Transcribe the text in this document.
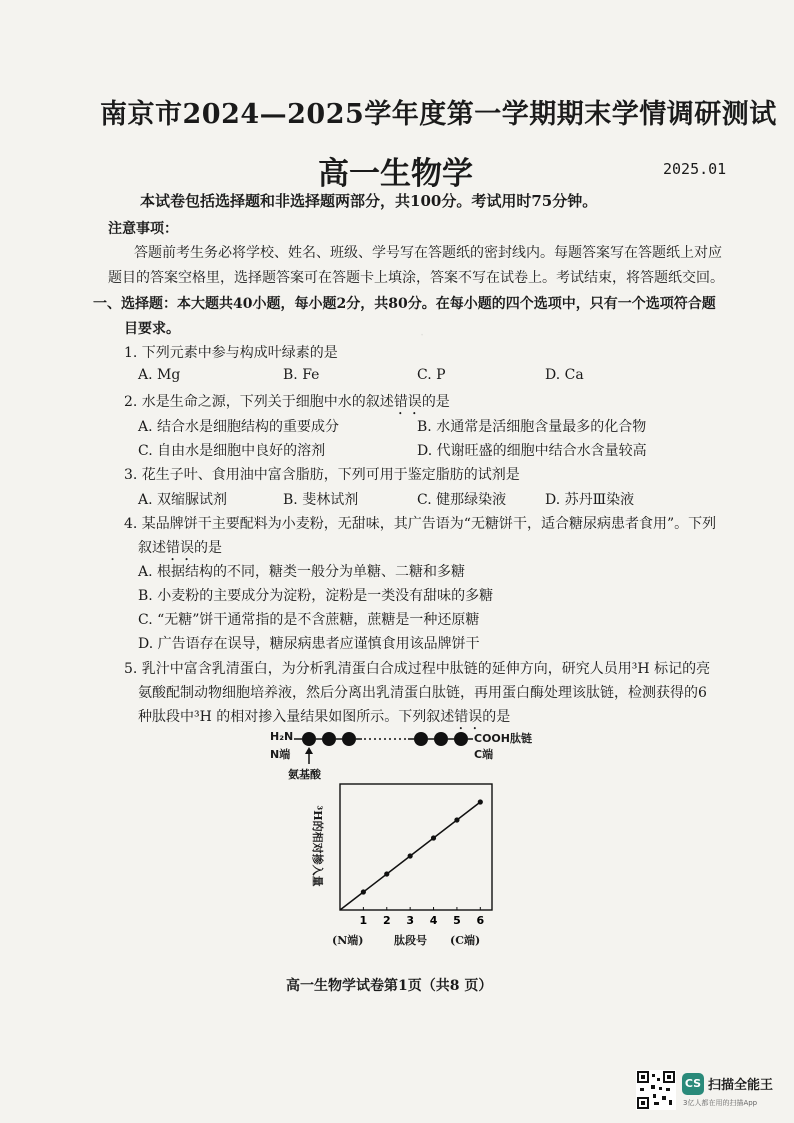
南京市2024—2025学年度第一学期期末学情调研测试
高一生物学	2025.01
本试卷包括选择题和非选择题两部分，共100分。考试用时75分钟。
注意事项：
答题前考生务必将学校、姓名、班级、学号写在答题纸的密封线内。每题答案写在答题纸上对应
题目的答案空格里，选择题答案可在答题卡上填涂，答案不写在试卷上。考试结束，将答题纸交回。
一、选择题：本大题共40小题，每小题2分，共80分。在每小题的四个选项中，只有一个选项符合题
目要求。
1. 下列元素中参与构成叶绿素的是
A. Mg	B. Fe	C. P	D. Ca
2. 水是生命之源，下列关于细胞中水的叙述错误的是
A. 结合水是细胞结构的重要成分	B. 水通常是活细胞含量最多的化合物
C. 自由水是细胞中良好的溶剂	D. 代谢旺盛的细胞中结合水含量较高
3. 花生子叶、食用油中富含脂肪，下列可用于鉴定脂肪的试剂是
A. 双缩脲试剂	B. 斐林试剂	C. 健那绿染液	D. 苏丹Ⅲ染液
4. 某品牌饼干主要配料为小麦粉，无甜味，其广告语为“无糖饼干，适合糖尿病患者食用”。下列
叙述错误的是
A. 根据结构的不同，糖类一般分为单糖、二糖和多糖
B. 小麦粉的主要成分为淀粉，淀粉是一类没有甜味的多糖
C. “无糖”饼干通常指的是不含蔗糖，蔗糖是一种还原糖
D. 广告语存在误导，糖尿病患者应谨慎食用该品牌饼干
5. 乳汁中富含乳清蛋白，为分析乳清蛋白合成过程中肽链的延伸方向，研究人员用³H 标记的亮
氨酸配制动物细胞培养液，然后分离出乳清蛋白肽链，再用蛋白酶处理该肽链，检测获得的6
种肽段中³H 的相对掺入量结果如图所示。下列叙述错误的是
H₂N
N端
COOH肽链
C端
氨基酸
1 2 3 4 5 6
³H的相对掺入量
(N端)	肽段号 (C端)
·
高一生物学试卷第1页（共8 页）
CS 扫描全能王
3亿人都在用的扫描App
